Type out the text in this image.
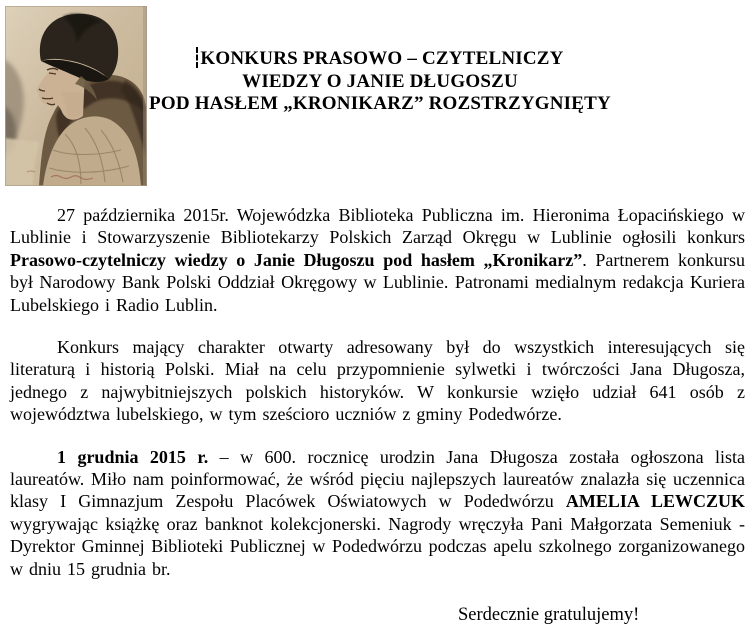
KONKURS PRASOWO – CZYTELNICZY
WIEDZY O JANIE DŁUGOSZU
POD HASŁEM „KRONIKARZ” ROZSTRZYGNIĘTY

27 października 2015r. Wojewódzka Biblioteka Publiczna im. Hieronima Łopacińskiego w Lublinie i Stowarzyszenie Bibliotekarzy Polskich Zarząd Okręgu w Lublinie ogłosili konkurs Prasowo-czytelniczy wiedzy o Janie Długoszu pod hasłem „Kronikarz”. Partnerem konkursu był Narodowy Bank Polski Oddział Okręgowy w Lublinie. Patronami medialnym redakcja Kuriera Lubelskiego i Radio Lublin.

Konkurs mający charakter otwarty adresowany był do wszystkich interesujących się literaturą i historią Polski. Miał na celu przypomnienie sylwetki i twórczości Jana Długosza, jednego z najwybitniejszych polskich historyków. W konkursie wzięło udział 641 osób z województwa lubelskiego, w tym sześcioro uczniów z gminy Podedwórze.

1 grudnia 2015 r. – w 600. rocznicę urodzin Jana Długosza została ogłoszona lista laureatów. Miło nam poinformować, że wśród pięciu najlepszych laureatów znalazła się uczennica klasy I Gimnazjum Zespołu Placówek Oświatowych w Podedwórzu AMELIA LEWCZUK wygrywając książkę oraz banknot kolekcjonerski. Nagrody wręczyła Pani Małgorzata Semeniuk - Dyrektor Gminnej Biblioteki Publicznej w Podedwórzu podczas apelu szkolnego zorganizowanego w dniu 15 grudnia br.

Serdecznie gratulujemy!
